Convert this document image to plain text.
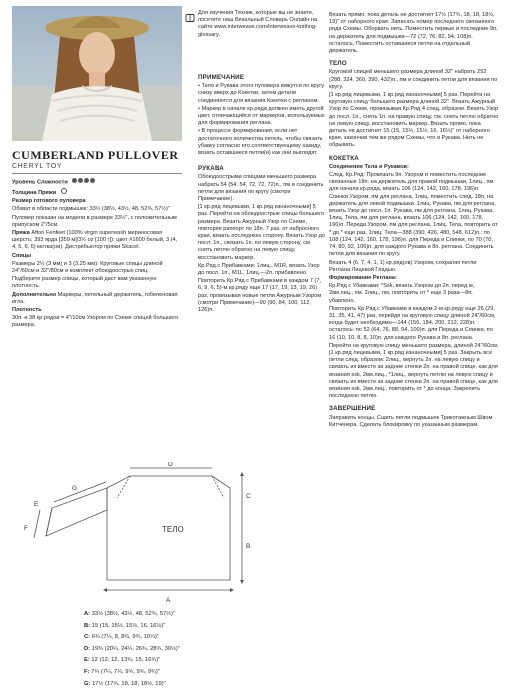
CUMBERLAND PULLOVER
CHERYL TOY
Для изучения Техник, которые вы не знаете, посетите наш Вязальный Словарь Онлайн на сайте www.interweave.com/interweave-knitting-glossary.
Уровень Сложности
Толщина Пряжи
Размер готового пуловера
Обхват в области подмышек: 33½ (38½, 43½, 48, 52¾, 57½)"
Пуловер показан на модели в размере 33½", с положительным припуском 2"/5см.
Пряжа Afton Fenfeet (100% virgin superwash мериносовая шерсть; 393 ярда [359 м]/3½ oz [100 г]): цвет #1600 белый, 3 (4, 4, 5, 6, 6) мотка(ов). Дистрибьютор пряжи Skacel.
Спицы
Размеры 2½ (3 мм) и 3 (3.25 мм): Круговые спицы длиной 24"/60см и 32"/80см и комплект обоюдоострых спиц.
Подберите размер спицы, который даст вам указанную плотность.
Дополнительно Маркеры, петельный держатель, гобеленовая игла.
Плотность
30п. и 38 кр.рядов = 4"/10см Узором по Схеме спицей большего размера.
ПРИМЕЧАНИЕ
• Тело и Рукава этого пуловера вяжутся по кругу снизу вверх до Кокетки, затем детали соединяются для вязания Кокетки с регланом.
• Маркер в начале кр.ряда должен иметь другой цвет, отличающийся от маркеров, используемых для формирования реглана.
• В процессе формирования, если нет достаточного количества петель, чтобы связать убавку согласно его соответствующему накиду, вязать оставшиеся петли(и) как они выглядят.
РУКАВА
Обоюдоострыми спицами меньшего размера набрать 54 (54, 54, 72, 72, 72)п., пм и соединить петли для вязания по кругу (смотри Примечание).
[1 кр.ряд лицевыми, 1 кр.ряд изнаночными] 5 раз. Перейти на обоюдоострые спицы большего размера. Вязать Ажурный Узор по Схеме, повторяя раппорт по 18п. 7 раз. от набросного края, вязать последнюю сторону. Вязать Узор до посл. 1п., связать 1п. по левую сторону, см. снять петлю обратно на левую спицу, восстановить маркер.
Кр.Ряд с Прибавками: 1лиц., М1R, вязать Узор до посл. 1п., М1L, 1лиц.—2п. прибавлено.
Повторить Кр.Ряд с Прибавками в каждом 7 (7, 6, 9, 6, 5)-м кр.ряду еще 17 (17, 19, 13, 19, 26) раз, провязывая новые петли Ажурным Узором (смотри Примечание)—90 (90, 84, 100, 112, 126)п.
Вязать прямо, пока деталь не достигнет 17½ (17¾, 18, 18, 18½, 19)" от наборного края. Записать номер последнего связанного ряда Схемы. Оборвать нить. Поместить первые и последние 9п. на держатель для подмышки—72 (72, 76, 82, 94, 108)п. осталось. Поместить оставшиеся петли на отдельный держатель.
ТЕЛО
Круговой спицей меньшего размера длиной 32" набрать 252 (288, 324, 360, 390, 432)п., пм и соединить петли для вязания по кругу.
[1 кр.ряд лицевыми, 1 кр.ряд изнаночными] 5 раз. Перейти на круговую спицу большего размера длиной 32". Вязать Ажурный Узор по Схеме, провязывая Кр.Ряд 4 след. образом. Вязать Узор до посл. 1п., снять 1п. на правую спицу, см. снять петлю обратно на левую спицу, восстановить маркер. Вязать прямо, пока деталь не достигнет 15 (15, 15½, 15½, 16, 16½)" от наборного края, закончив тем же рядом Схемы, что и Рукава. Нить не обрывать.
КОКЕТКА
Соединение Тела и Рукавов:
След. Кр.Ряд: Провязать 9п. Узором и поместить последние связанные 18п. на держатель для правой подмышки, 1лиц., пм для начала кр.ряда, вязать 106 (124, 142, 160, 178, 196)п. Спинки Узором, пм для реглана, 1лиц. поместить след. 18п. на держатель для левой подмышки. 1лиц. Рукава, пм для реглана, вязать Узор до посл. 1п. Рукава, пм для реглана, 1лиц. Рукава, 1лиц. Тела, пм для реглана, вязать 106 (124, 142, 160, 178, 196)п. Переда Узором, пм для реглана, 1лиц. Тела, повторить от * до * еще раз, 1лиц. Тела—388 (390, 426, 480, 548, 612)п.: по 108 (124, 142, 160, 178, 196)п. для Переда и Спинки, по 70 (70, 74, 80, 92, 106)п. для каждого Рукава и 8п. реглана. Соединить петли для вязания по кругу.
Вязать 4 (6, 7, 4, 1, 1) кр.ряд(ов) Узором, сохраняя петли Реглана Лицевой Гладью.
Формирование Реглана:
Кр.Ряд с Убавками: *Ssk, вязать Узором до 2п. перед м, 2вм.лиц., пм. 2лиц., пм, повторить от * еще 3 раза—8п. убавлено.
Повторить Кр.Ряд с Убавками в каждом 2-м кр.ряду еще 26 (29, 31, 35, 41, 47) раз, перейдя на круговую спицу длиной 24"/60см, когда будет необходимо—144 (156, 184, 200, 212, 228)п. осталось: по 52 (64, 76, 88, 94, 100)п. для Переда и Спинки, по 16 (10, 10, 8, 8, 10)п. для каждого Рукава и 8п. реглана.
Перейти на круговую спицу меньшего размера, длиной 24"/60см. [1 кр.ряд лицевыми, 1 кр.ряд изнаночными] 5 раз. Закрыть все петли след. образом: 2лиц., вернуть 2п. на левую спицу и связать их вместе за задние стенки 2п. на правой спице, как для вязания ssk, 2вм.лиц., *1лиц., вернуть петлю на левую спицу и связать их вместе за задние стенки 2п. на правой спице, как для вязания ssk, 2вм.лиц., повторить от * до конца. Закрепить последнюю петлю.
ЗАВЕРШЕНИЕ
Заправить концы. Сшить петли подмышек Трикотажным Швом Китченера. Сделать блокировку по указанным размерам.
ТЕЛО
A
B
C
D
E
F
G
A: 33½ (38½, 43½, 48, 52¾, 57½)"
B: 15 (15, 15½, 15½, 16, 16½)"
C: 6¾ (7¼, 8, 8¾, 9¾, 10¼)"
D: 19¾ (20¼, 24¼, 26¾, 28¾, 30½)"
E: 12 (12, 12, 13¾, 15, 16¾)"
F: 7¼ (7¼, 7¼, 9¾, 9¾, 9¾)"
G: 17½ (17¾, 18, 18, 18½, 19)"
